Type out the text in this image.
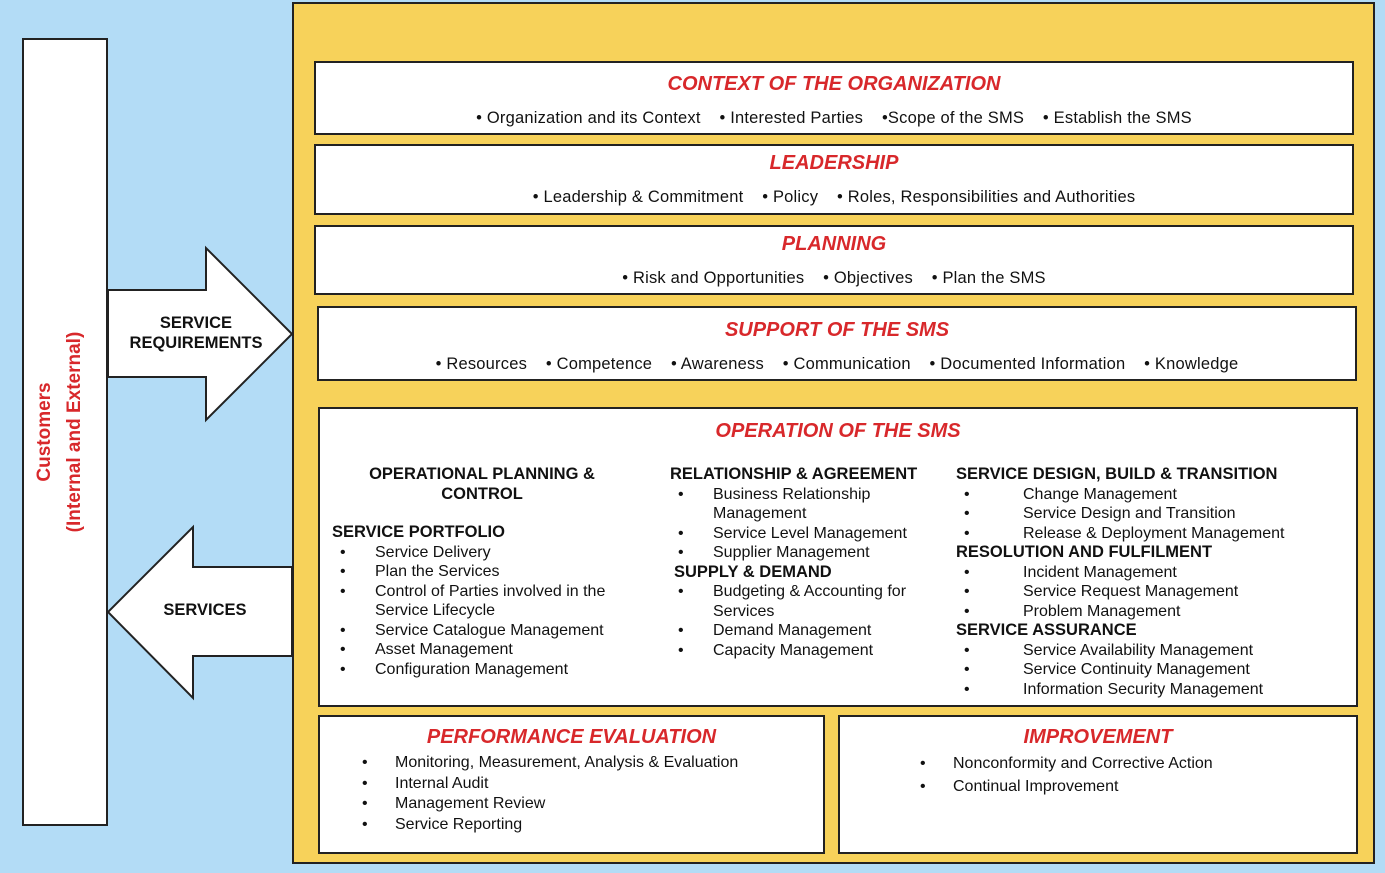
Customers (Internal and External)
SERVICE
REQUIREMENTS
SERVICES
CONTEXT OF THE ORGANIZATION
• Organization and its Context • Interested Parties •Scope of the SMS • Establish the SMS
LEADERSHIP
• Leadership & Commitment • Policy • Roles, Responsibilities and Authorities
PLANNING
• Risk and Opportunities • Objectives • Plan the SMS
SUPPORT OF THE SMS
• Resources • Competence • Awareness • Communication • Documented Information • Knowledge
OPERATION OF THE SMS
OPERATIONAL PLANNING & CONTROL
SERVICE PORTFOLIO
• Service Delivery
• Plan the Services
• Control of Parties involved in the Service Lifecycle
• Service Catalogue Management
• Asset Management
• Configuration Management
RELATIONSHIP & AGREEMENT
• Business Relationship Management
• Service Level Management
• Supplier Management
SUPPLY & DEMAND
• Budgeting & Accounting for Services
• Demand Management
• Capacity Management
SERVICE DESIGN, BUILD & TRANSITION
• Change Management
• Service Design and Transition
• Release & Deployment Management
RESOLUTION AND FULFILMENT
• Incident Management
• Service Request Management
• Problem Management
SERVICE ASSURANCE
• Service Availability Management
• Service Continuity Management
• Information Security Management
PERFORMANCE EVALUATION
• Monitoring, Measurement, Analysis & Evaluation
• Internal Audit
• Management Review
• Service Reporting
IMPROVEMENT
• Nonconformity and Corrective Action
• Continual Improvement
